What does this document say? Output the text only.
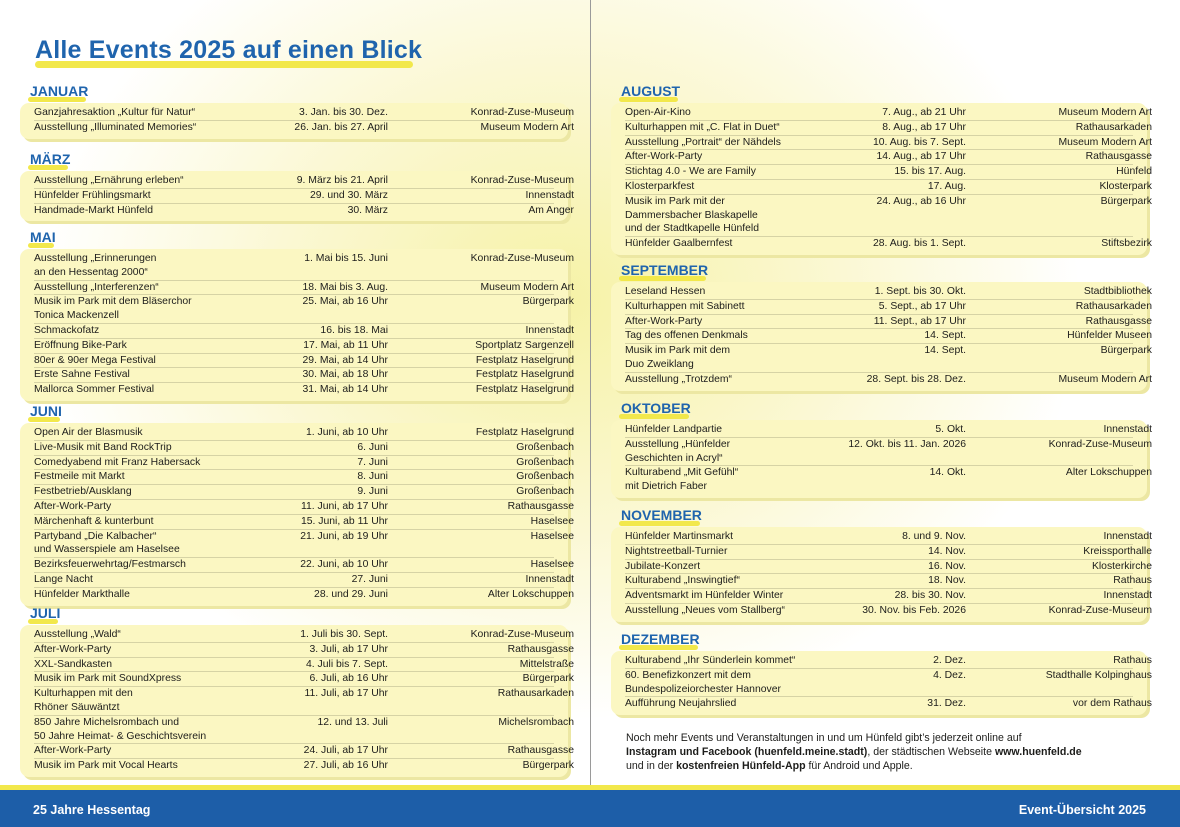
Alle Events 2025 auf einen Blick
JANUAR
Ganzjahresaktion „Kultur für Natur“	3. Jan. bis 30. Dez.	Konrad-Zuse-Museum
Ausstellung „Illuminated Memories“	26. Jan. bis 27. April	Museum Modern Art
MÄRZ
Ausstellung „Ernährung erleben“	9. März bis 21. April	Konrad-Zuse-Museum
Hünfelder Frühlingsmarkt	29. und 30. März	Innenstadt
Handmade-Markt Hünfeld	30. März	Am Anger
MAI
Ausstellung „Erinnerungen
an den Hessentag 2000“
1. Mai bis 15. Juni	Konrad-Zuse-Museum
Ausstellung „Interferenzen“	18. Mai bis 3. Aug.	Museum Modern Art
Musik im Park mit dem Bläserchor
Tonica Mackenzell
25. Mai, ab 16 Uhr	Bürgerpark
Schmackofatz	16. bis 18. Mai	Innenstadt
Eröffnung Bike-Park	17. Mai, ab 11 Uhr	Sportplatz Sargenzell
80er & 90er Mega Festival	29. Mai, ab 14 Uhr	Festplatz Haselgrund
Erste Sahne Festival	30. Mai, ab 18 Uhr	Festplatz Haselgrund
Mallorca Sommer Festival	31. Mai, ab 14 Uhr	Festplatz Haselgrund
JUNI
Open Air der Blasmusik	1. Juni, ab 10 Uhr	Festplatz Haselgrund
Live-Musik mit Band RockTrip	6. Juni	Großenbach
Comedyabend mit Franz Habersack	7. Juni	Großenbach
Festmeile mit Markt	8. Juni	Großenbach
Festbetrieb/Ausklang	9. Juni	Großenbach
After-Work-Party	11. Juni, ab 17 Uhr	Rathausgasse
Märchenhaft & kunterbunt	15. Juni, ab 11 Uhr	Haselsee
Partyband „Die Kalbacher“
und Wasserspiele am Haselsee
21. Juni, ab 19 Uhr	Haselsee
Bezirksfeuerwehrtag/Festmarsch	22. Juni, ab 10 Uhr	Haselsee
Lange Nacht	27. Juni	Innenstadt
Hünfelder Markthalle	28. und 29. Juni	Alter Lokschuppen
JULI
Ausstellung „Wald“	1. Juli bis 30. Sept.	Konrad-Zuse-Museum
After-Work-Party	3. Juli, ab 17 Uhr	Rathausgasse
XXL-Sandkasten	4. Juli bis 7. Sept.	Mittelstraße
Musik im Park mit SoundXpress	6. Juli, ab 16 Uhr	Bürgerpark
Kulturhappen mit den
Rhöner Säuwäntzt
11. Juli, ab 17 Uhr	Rathausarkaden
850 Jahre Michelsrombach und
50 Jahre Heimat- & Geschichtsverein
12. und 13. Juli	Michelsrombach
After-Work-Party	24. Juli, ab 17 Uhr	Rathausgasse
Musik im Park mit Vocal Hearts	27. Juli, ab 16 Uhr	Bürgerpark
AUGUST
Open-Air-Kino	7. Aug., ab 21 Uhr	Museum Modern Art
Kulturhappen mit „C. Flat in Duet“	8. Aug., ab 17 Uhr	Rathausarkaden
Ausstellung „Portrait“ der Nähdels	10. Aug. bis 7. Sept.	Museum Modern Art
After-Work-Party	14. Aug., ab 17 Uhr	Rathausgasse
Stichtag 4.0 - We are Family	15. bis 17. Aug.	Hünfeld
Klosterparkfest	17. Aug.	Klosterpark
Musik im Park mit der
Dammersbacher Blaskapelle
und der Stadtkapelle Hünfeld
24. Aug., ab 16 Uhr	Bürgerpark
Hünfelder Gaalbernfest	28. Aug. bis 1. Sept.	Stiftsbezirk
SEPTEMBER
Leseland Hessen	1. Sept. bis 30. Okt.	Stadtbibliothek
Kulturhappen mit Sabinett	5. Sept., ab 17 Uhr	Rathausarkaden
After-Work-Party	11. Sept., ab 17 Uhr	Rathausgasse
Tag des offenen Denkmals	14. Sept.	Hünfelder Museen
Musik im Park mit dem
Duo Zweiklang
14. Sept.	Bürgerpark
Ausstellung „Trotzdem“	28. Sept. bis 28. Dez.	Museum Modern Art
OKTOBER
Hünfelder Landpartie	5. Okt.	Innenstadt
Ausstellung „Hünfelder
Geschichten in Acryl“
12. Okt. bis 11. Jan. 2026	Konrad-Zuse-Museum
Kulturabend „Mit Gefühl“
mit Dietrich Faber
14. Okt.	Alter Lokschuppen
NOVEMBER
Hünfelder Martinsmarkt	8. und 9. Nov.	Innenstadt
Nightstreetball-Turnier	14. Nov.	Kreissporthalle
Jubilate-Konzert	16. Nov.	Klosterkirche
Kulturabend „Inswingtief“	18. Nov.	Rathaus
Adventsmarkt im Hünfelder Winter	28. bis 30. Nov.	Innenstadt
Ausstellung „Neues vom Stallberg“	30. Nov. bis Feb. 2026	Konrad-Zuse-Museum
DEZEMBER
Kulturabend „Ihr Sünderlein kommet“	2. Dez.	Rathaus
60. Benefizkonzert mit dem
Bundespolizeiorchester Hannover
4. Dez.	Stadthalle Kolpinghaus
Aufführung Neujahrslied	31. Dez.	vor dem Rathaus

Noch mehr Events und Veranstaltungen in und um Hünfeld gibt’s jederzeit online auf
Instagram und Facebook (huenfeld.meine.stadt), der städtischen Webseite www.huenfeld.de
und in der kostenfreien Hünfeld-App für Android und Apple.

25 Jahre Hessentag	Event-Übersicht 2025
